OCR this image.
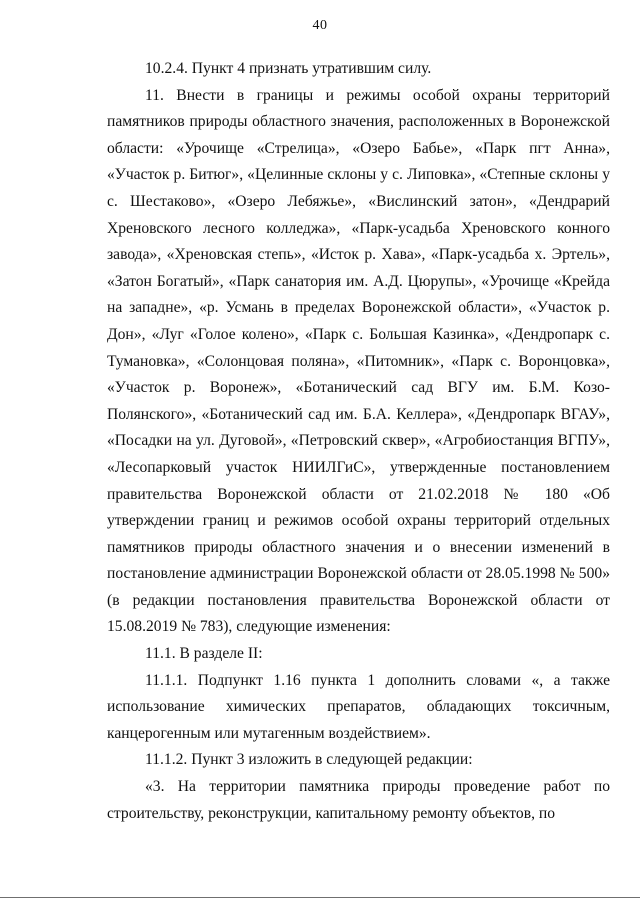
40

10.2.4. Пункт 4 признать утратившим силу.

11. Внести в границы и режимы особой охраны территорий памятников природы областного значения, расположенных в Воронежской области: «Урочище «Стрелица», «Озеро Бабье», «Парк пгт Анна», «Участок р. Битюг», «Целинные склоны у с. Липовка», «Степные склоны у с. Шестаково», «Озеро Лебяжье», «Вислинский затон», «Дендрарий Хреновского лесного колледжа», «Парк-усадьба Хреновского конного завода», «Хреновская степь», «Исток р. Хава», «Парк-усадьба х. Эртель», «Затон Богатый», «Парк санатория им. А.Д. Цюрупы», «Урочище «Крейда на западне», «р. Усмань в пределах Воронежской области», «Участок р. Дон», «Луг «Голое колено», «Парк с. Большая Казинка», «Дендропарк с. Тумановка», «Солонцовая поляна», «Питомник», «Парк с. Воронцовка», «Участок р. Воронеж», «Ботанический сад ВГУ им. Б.М. Козо-Полянского», «Ботанический сад им. Б.А. Келлера», «Дендропарк ВГАУ», «Посадки на ул. Дуговой», «Петровский сквер», «Агробиостанция ВГПУ», «Лесопарковый участок НИИЛГиС», утвержденные постановлением правительства Воронежской области от 21.02.2018 № 180 «Об утверждении границ и режимов особой охраны территорий отдельных памятников природы областного значения и о внесении изменений в постановление администрации Воронежской области от 28.05.1998 № 500» (в редакции постановления правительства Воронежской области от 15.08.2019 № 783), следующие изменения:

11.1. В разделе II:

11.1.1. Подпункт 1.16 пункта 1 дополнить словами «, а также использование химических препаратов, обладающих токсичным, канцерогенным или мутагенным воздействием».

11.1.2. Пункт 3 изложить в следующей редакции:

«3. На территории памятника природы проведение работ по строительству, реконструкции, капитальному ремонту объектов, по
